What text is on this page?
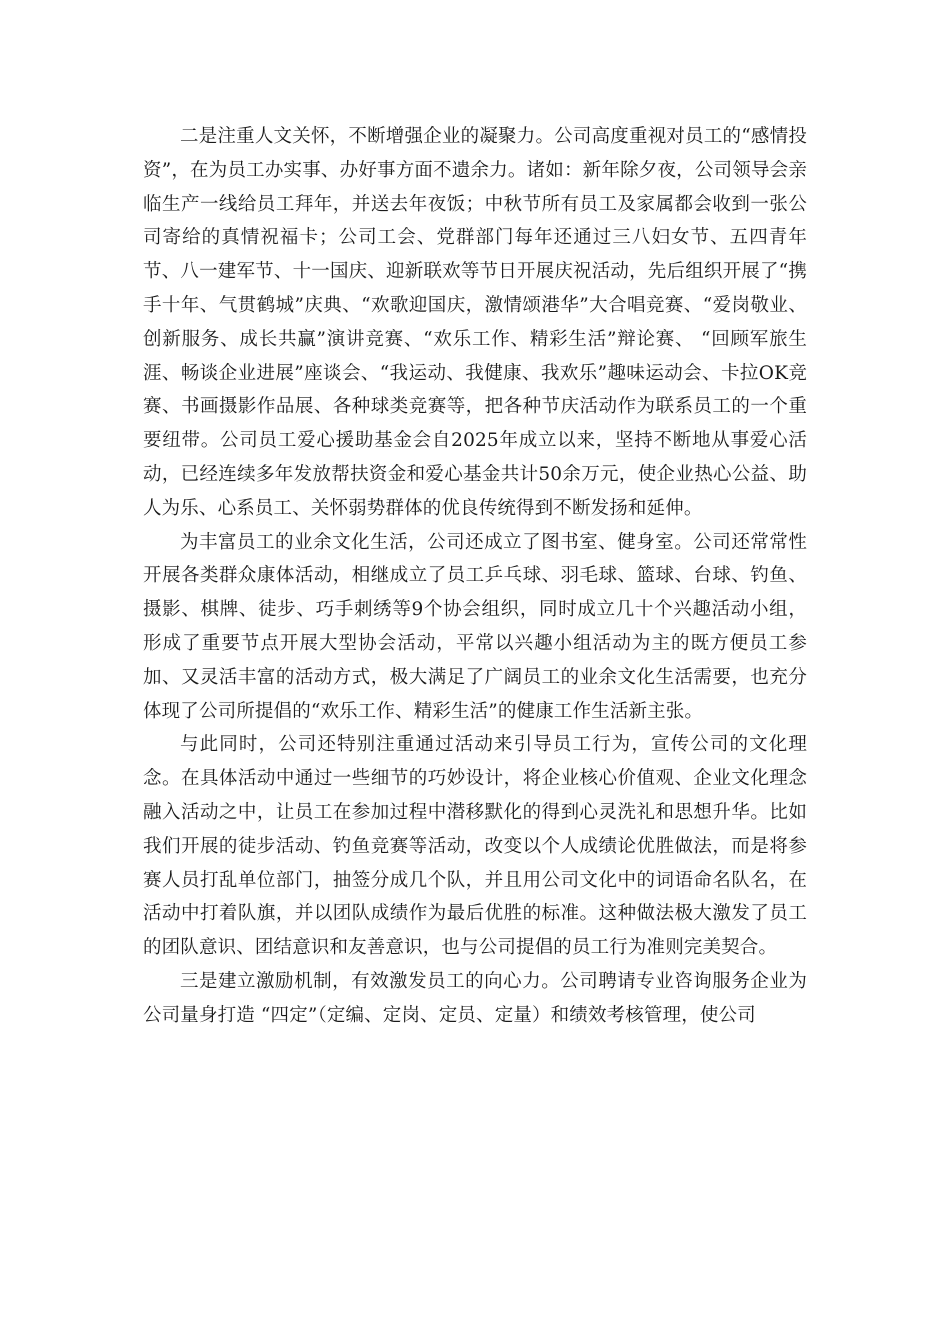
二是注重人文关怀，不断增强企业的凝聚力。公司高度重视对员工的“感情投资”，在为员工办实事、办好事方面不遗余力。诸如：新年除夕夜，公司领导会亲临生产一线给员工拜年，并送去年夜饭；中秋节所有员工及家属都会收到一张公司寄给的真情祝福卡；公司工会、党群部门每年还通过三八妇女节、五四青年节、八一建军节、十一国庆、迎新联欢等节日开展庆祝活动，先后组织开展了“携手十年、气贯鹤城”庆典、“欢歌迎国庆，激情颂港华”大合唱竞赛、“爱岗敬业、创新服务、成长共赢”演讲竞赛、“欢乐工作、精彩生活”辩论赛、 “回顾军旅生涯、畅谈企业进展”座谈会、“我运动、我健康、我欢乐”趣味运动会、卡拉OK竞赛、书画摄影作品展、各种球类竞赛等，把各种节庆活动作为联系员工的一个重要纽带。公司员工爱心援助基金会自2025年成立以来，坚持不断地从事爱心活动，已经连续多年发放帮扶资金和爱心基金共计50余万元，使企业热心公益、助人为乐、心系员工、关怀弱势群体的优良传统得到不断发扬和延伸。

为丰富员工的业余文化生活，公司还成立了图书室、健身室。公司还常常性开展各类群众康体活动，相继成立了员工乒乓球、羽毛球、篮球、台球、钓鱼、摄影、棋牌、徒步、巧手刺绣等9个协会组织，同时成立几十个兴趣活动小组，形成了重要节点开展大型协会活动，平常以兴趣小组活动为主的既方便员工参加、又灵活丰富的活动方式，极大满足了广阔员工的业余文化生活需要，也充分体现了公司所提倡的“欢乐工作、精彩生活”的健康工作生活新主张。

与此同时，公司还特别注重通过活动来引导员工行为，宣传公司的文化理念。在具体活动中通过一些细节的巧妙设计，将企业核心价值观、企业文化理念融入活动之中，让员工在参加过程中潜移默化的得到心灵洗礼和思想升华。比如我们开展的徒步活动、钓鱼竞赛等活动，改变以个人成绩论优胜做法，而是将参赛人员打乱单位部门，抽签分成几个队，并且用公司文化中的词语命名队名，在活动中打着队旗，并以团队成绩作为最后优胜的标准。这种做法极大激发了员工的团队意识、团结意识和友善意识，也与公司提倡的员工行为准则完美契合。

三是建立激励机制，有效激发员工的向心力。公司聘请专业咨询服务企业为公司量身打造 “四定”（定编、定岗、定员、定量）和绩效考核管理，使公司
